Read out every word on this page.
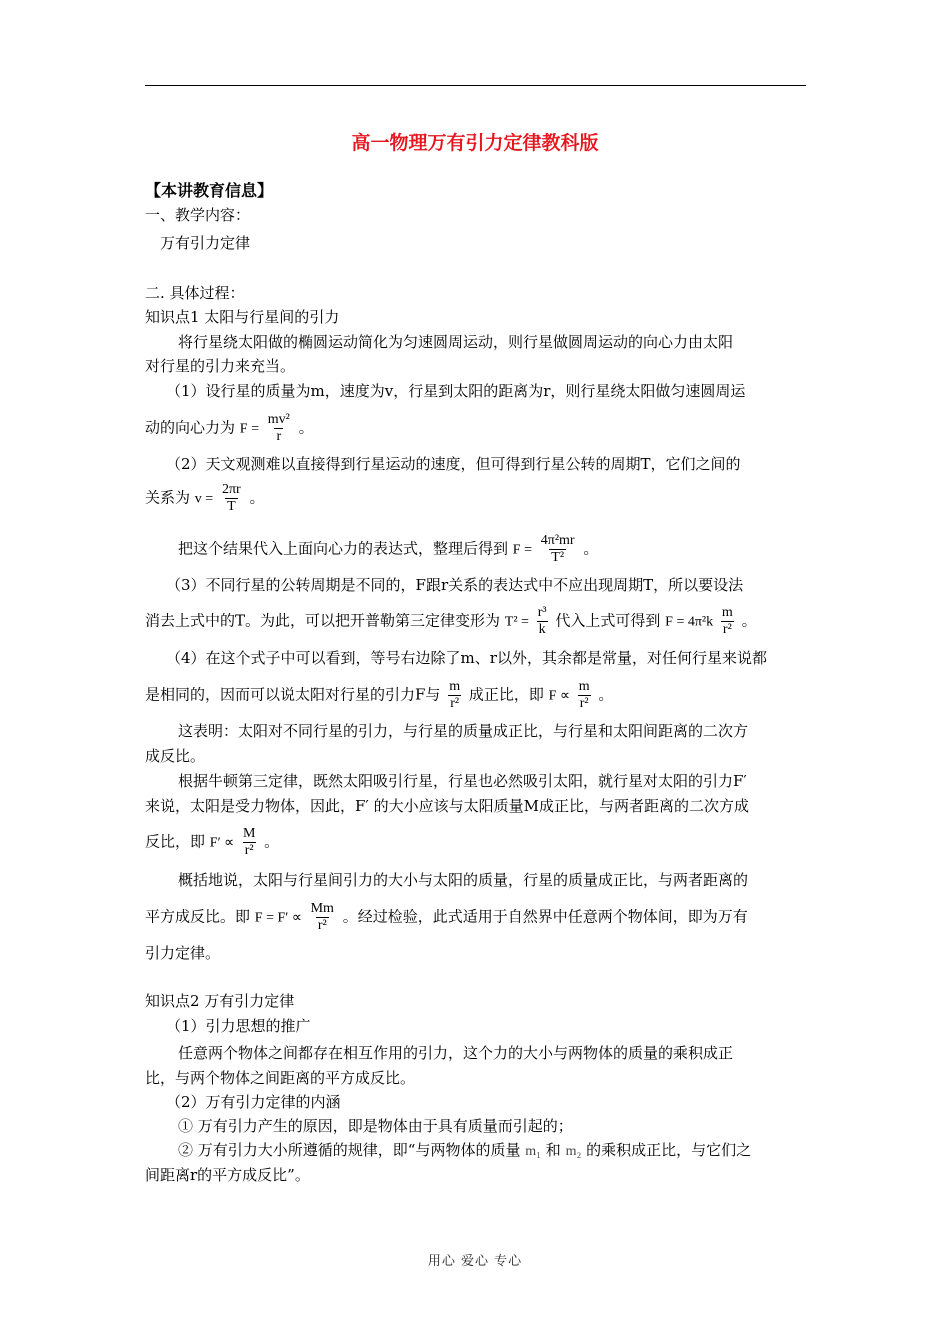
高一物理万有引力定律教科版
【本讲教育信息】
一、教学内容：
万有引力定律
二. 具体过程：
知识点1 太阳与行星间的引力
将行星绕太阳做的椭圆运动简化为匀速圆周运动，则行星做圆周运动的向心力由太阳
对行星的引力来充当。
（1）设行星的质量为m，速度为v，行星到太阳的距离为r，则行星绕太阳做匀速圆周运
动的向心力为 $F = \frac{\text{mv²}}{r}$ 。
（2）天文观测难以直接得到行星运动的速度，但可得到行星公转的周期T，它们之间的
关系为 $v = \frac{2\pi r}{T}$ 。
把这个结果代入上面向心力的表达式，整理后得到 $F = \frac{\text{4π²mr}}{\text{T²}}$ 。
（3）不同行星的公转周期是不同的，F跟r关系的表达式中不应出现周期T，所以要设法
消去上式中的T。为此，可以把开普勒第三定律变形为 $T^2 = \frac{\text{r³}}{k}$ 代入上式可得到 $F = 4\pi^2k \frac{m}{\text{r²}}$ 。
（4）在这个式子中可以看到，等号右边除了m、r以外，其余都是常量，对任何行星来说都
是相同的，因而可以说太阳对行星的引力F与 $\frac{m}{\text{r²}}$ 成正比，即 $F \propto \frac{m}{\text{r²}}$ 。
这表明：太阳对不同行星的引力，与行星的质量成正比，与行星和太阳间距离的二次方
成反比。
根据牛顿第三定律，既然太阳吸引行星，行星也必然吸引太阳，就行星对太阳的引力F′
来说，太阳是受力物体，因此，F′ 的大小应该与太阳质量M成正比，与两者距离的二次方成
反比，即 $F' \propto \frac{M}{\text{r²}}$ 。
概括地说，太阳与行星间引力的大小与太阳的质量，行星的质量成正比，与两者距离的
平方成反比。即 $F = F' \propto \frac{Mm}{\text{r²}}$ 。经过检验，此式适用于自然界中任意两个物体间，即为万有
引力定律。
知识点2 万有引力定律
（1）引力思想的推广
任意两个物体之间都存在相互作用的引力，这个力的大小与两物体的质量的乘积成正
比，与两个物体之间距离的平方成反比。
（2）万有引力定律的内涵
① 万有引力产生的原因，即是物体由于具有质量而引起的；
② 万有引力大小所遵循的规律，即“与两物体的质量 m₁ 和 m₂ 的乘积成正比，与它们之
间距离r的平方成反比”。
用心 爱心 专心
